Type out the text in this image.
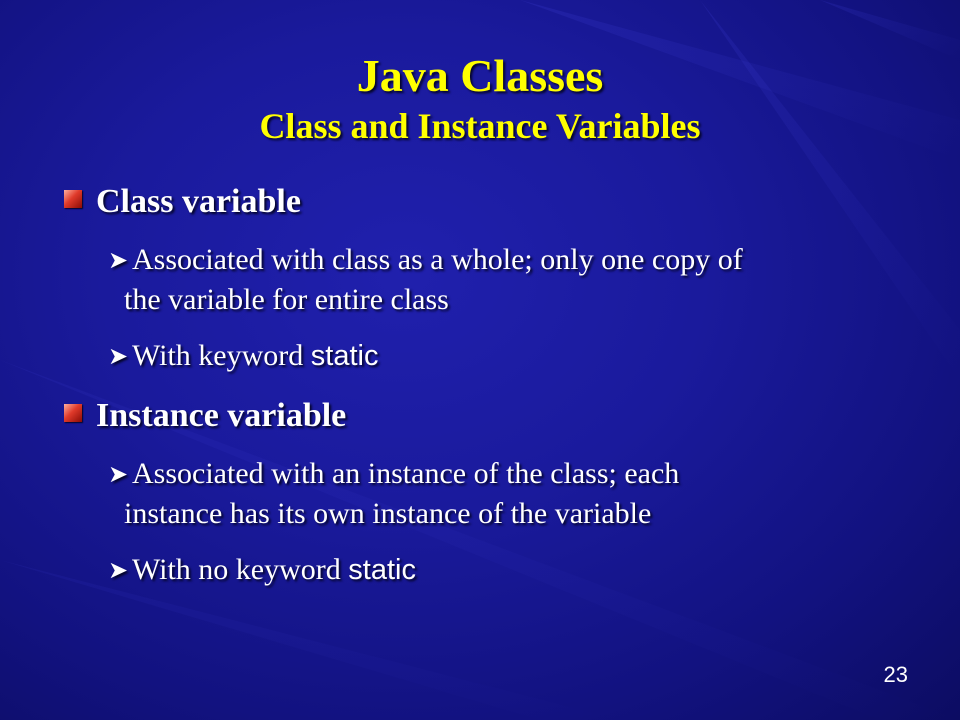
Java Classes
Class and Instance Variables
Class variable
➤ Associated with class as a whole; only one copy of
the variable for entire class
➤ With keyword static
Instance variable
➤ Associated with an instance of the class; each
instance has its own instance of the variable
➤ With no keyword static
23
